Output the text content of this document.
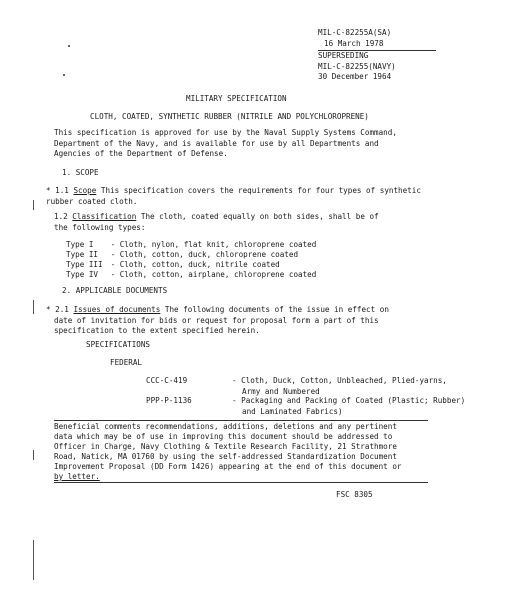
MIL-C-82255A(SA)
16 March 1978
SUPERSEDING
MIL-C-82255(NAVY)
30 December 1964
MILITARY SPECIFICATION
CLOTH, COATED, SYNTHETIC RUBBER (NITRILE AND POLYCHLOROPRENE)
This specification is approved for use by the Naval Supply Systems Command, Department of the Navy, and is available for use by all Departments and Agencies of the Department of Defense.
1. SCOPE
* 1.1 Scope This specification covers the requirements for four types of synthetic rubber coated cloth.
1.2 Classification The cloth, coated equally on both sides, shall be of
the following types:
Type I - Cloth, nylon, flat knit, chloroprene coated
Type II - Cloth, cotton, duck, chloroprene coated
Type III - Cloth, cotton, duck, nitrile coated
Type IV - Cloth, cotton, airplane, chloroprene coated
2. APPLICABLE DOCUMENTS
* 2.1 Issues of documents The following documents of the issue in effect on
date of invitation for bids or request for proposal form a part of this
specification to the extent specified herein.
SPECIFICATIONS
FEDERAL
CCC-C-419	- Cloth, Duck, Cotton, Unbleached, Plied-yarns,
Army and Numbered
PPP-P-1136	- Packaging and Packing of Coated (Plastic; Rubber)
and Laminated Fabrics)
Beneficial comments recommendations, additions, deletions and any pertinent
data which may be of use in improving this document should be addressed to
Officer in Charge, Navy Clothing & Textile Research Facility, 21 Strathmore
Road, Natick, MA 01760 by using the self-addressed Standardization Document
Improvement Proposal (DD Form 1426) appearing at the end of this document or
by letter.
FSC 8305
